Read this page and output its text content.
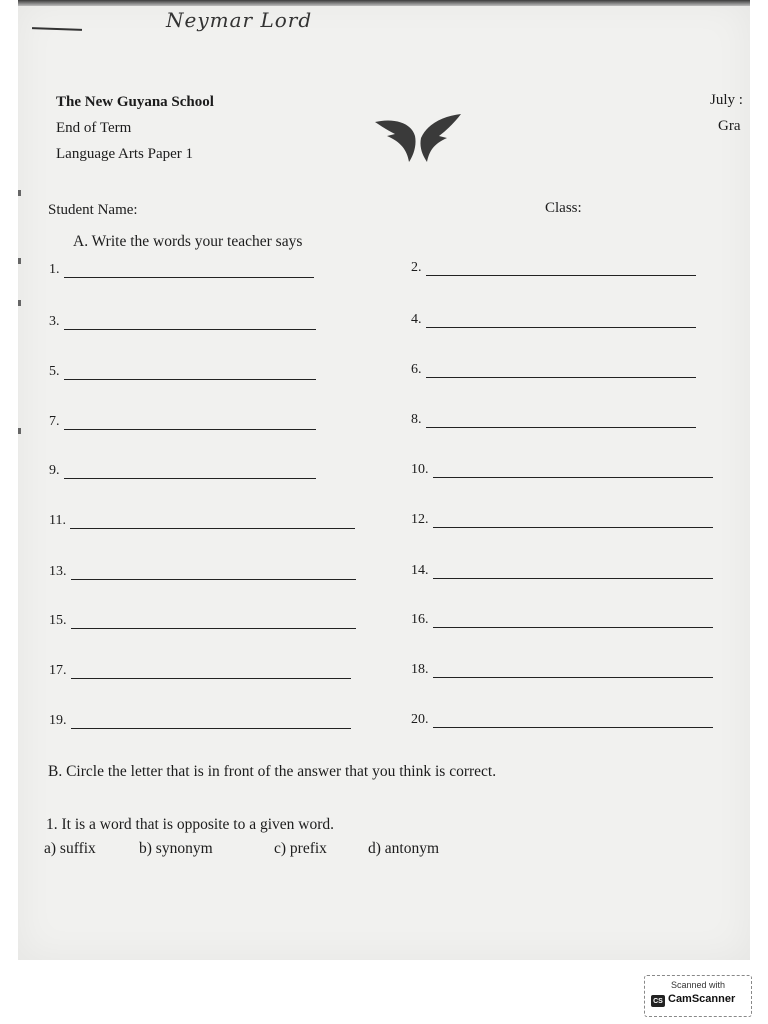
Neymar Lord
The New Guyana School
End of Term
Language Arts Paper 1
July :
Gra
Student Name:	Class:
A. Write the words your teacher says
1.	2.
3.	4.
5.	6.
7.	8.
9.	10.
11.	12.
13.	14.
15.	16.
17.	18.
19.	20.
B. Circle the letter that is in front of the answer that you think is correct.
1. It is a word that is opposite to a given word.
a) suffix	b) synonym	c) prefix	d) antonym
Scanned with
CS CamScanner
